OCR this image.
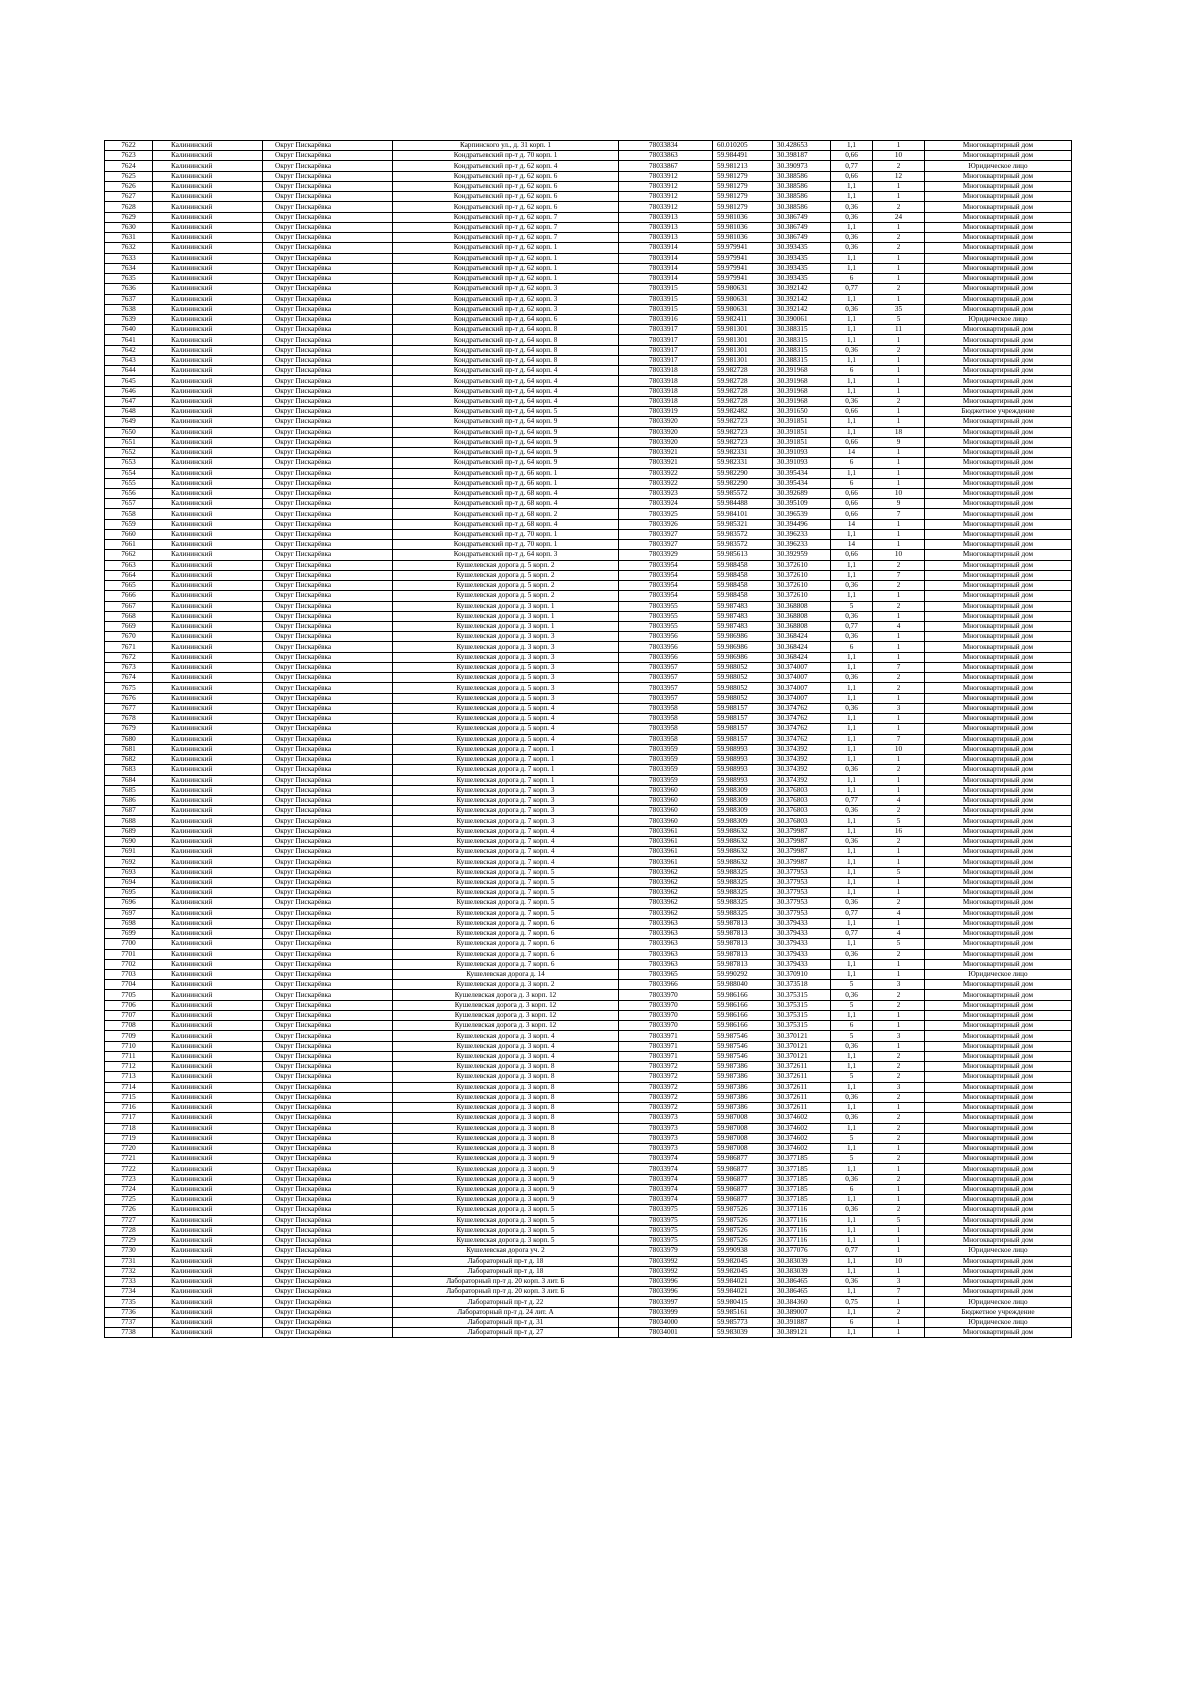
7622	Калининский	Округ Пискарёвка	Карпинского ул., д. 31 корп. 1	78033834	60.010205	30.428653	1,1	1	Многоквартирный дом
7623	Калининский	Округ Пискарёвка	Кондратьевский пр-т д. 70 корп. 1	78033863	59.984491	30.398187	0,66	10	Многоквартирный дом
7624	Калининский	Округ Пискарёвка	Кондратьевский пр-т д. 62 корп. 4	78033867	59.981213	30.390973	0,77	2	Юридическое лицо
7625	Калининский	Округ Пискарёвка	Кондратьевский пр-т д. 62 корп. 6	78033912	59.981279	30.388586	0,66	12	Многоквартирный дом
7626	Калининский	Округ Пискарёвка	Кондратьевский пр-т д. 62 корп. 6	78033912	59.981279	30.388586	1,1	1	Многоквартирный дом
7627	Калининский	Округ Пискарёвка	Кондратьевский пр-т д. 62 корп. 6	78033912	59.981279	30.388586	1,1	1	Многоквартирный дом
7628	Калининский	Округ Пискарёвка	Кондратьевский пр-т д. 62 корп. 6	78033912	59.981279	30.388586	0,36	2	Многоквартирный дом
7629	Калининский	Округ Пискарёвка	Кондратьевский пр-т д. 62 корп. 7	78033913	59.981036	30.386749	0,36	24	Многоквартирный дом
7630	Калининский	Округ Пискарёвка	Кондратьевский пр-т д. 62 корп. 7	78033913	59.981036	30.386749	1,1	1	Многоквартирный дом
7631	Калининский	Округ Пискарёвка	Кондратьевский пр-т д. 62 корп. 7	78033913	59.981036	30.386749	0,36	2	Многоквартирный дом
7632	Калининский	Округ Пискарёвка	Кондратьевский пр-т д. 62 корп. 1	78033914	59.979941	30.393435	0,36	2	Многоквартирный дом
7633	Калининский	Округ Пискарёвка	Кондратьевский пр-т д. 62 корп. 1	78033914	59.979941	30.393435	1,1	1	Многоквартирный дом
7634	Калининский	Округ Пискарёвка	Кондратьевский пр-т д. 62 корп. 1	78033914	59.979941	30.393435	1,1	1	Многоквартирный дом
7635	Калининский	Округ Пискарёвка	Кондратьевский пр-т д. 62 корп. 1	78033914	59.979941	30.393435	6	1	Многоквартирный дом
7636	Калининский	Округ Пискарёвка	Кондратьевский пр-т д. 62 корп. 3	78033915	59.980631	30.392142	0,77	2	Многоквартирный дом
7637	Калининский	Округ Пискарёвка	Кондратьевский пр-т д. 62 корп. 3	78033915	59.980631	30.392142	1,1	1	Многоквартирный дом
7638	Калининский	Округ Пискарёвка	Кондратьевский пр-т д. 62 корп. 3	78033915	59.980631	30.392142	0,36	35	Многоквартирный дом
7639	Калининский	Округ Пискарёвка	Кондратьевский пр-т д. 64 корп. 6	78033916	59.982411	30.390061	1,1	5	Юридическое лицо
7640	Калининский	Округ Пискарёвка	Кондратьевский пр-т д. 64 корп. 8	78033917	59.981301	30.388315	1,1	11	Многоквартирный дом
7641	Калининский	Округ Пискарёвка	Кондратьевский пр-т д. 64 корп. 8	78033917	59.981301	30.388315	1,1	1	Многоквартирный дом
7642	Калининский	Округ Пискарёвка	Кондратьевский пр-т д. 64 корп. 8	78033917	59.981301	30.388315	0,36	2	Многоквартирный дом
7643	Калининский	Округ Пискарёвка	Кондратьевский пр-т д. 64 корп. 8	78033917	59.981301	30.388315	1,1	1	Многоквартирный дом
7644	Калининский	Округ Пискарёвка	Кондратьевский пр-т д. 64 корп. 4	78033918	59.982728	30.391968	6	1	Многоквартирный дом
7645	Калининский	Округ Пискарёвка	Кондратьевский пр-т д. 64 корп. 4	78033918	59.982728	30.391968	1,1	1	Многоквартирный дом
7646	Калининский	Округ Пискарёвка	Кондратьевский пр-т д. 64 корп. 4	78033918	59.982728	30.391968	1,1	1	Многоквартирный дом
7647	Калининский	Округ Пискарёвка	Кондратьевский пр-т д. 64 корп. 4	78033918	59.982728	30.391968	0,36	2	Многоквартирный дом
7648	Калининский	Округ Пискарёвка	Кондратьевский пр-т д. 64 корп. 5	78033919	59.982482	30.391650	0,66	1	Бюджетное учреждение
7649	Калининский	Округ Пискарёвка	Кондратьевский пр-т д. 64 корп. 9	78033920	59.982723	30.391851	1,1	1	Многоквартирный дом
7650	Калининский	Округ Пискарёвка	Кондратьевский пр-т д. 64 корп. 9	78033920	59.982723	30.391851	1,1	18	Многоквартирный дом
7651	Калининский	Округ Пискарёвка	Кондратьевский пр-т д. 64 корп. 9	78033920	59.982723	30.391851	0,66	9	Многоквартирный дом
7652	Калининский	Округ Пискарёвка	Кондратьевский пр-т д. 64 корп. 9	78033921	59.982331	30.391093	14	1	Многоквартирный дом
7653	Калининский	Округ Пискарёвка	Кондратьевский пр-т д. 64 корп. 9	78033921	59.982331	30.391093	6	1	Многоквартирный дом
7654	Калининский	Округ Пискарёвка	Кондратьевский пр-т д. 66 корп. 1	78033922	59.982290	30.395434	1,1	1	Многоквартирный дом
7655	Калининский	Округ Пискарёвка	Кондратьевский пр-т д. 66 корп. 1	78033922	59.982290	30.395434	6	1	Многоквартирный дом
7656	Калининский	Округ Пискарёвка	Кондратьевский пр-т д. 68 корп. 4	78033923	59.985572	30.392689	0,66	10	Многоквартирный дом
7657	Калининский	Округ Пискарёвка	Кондратьевский пр-т д. 68 корп. 4	78033924	59.984488	30.395109	0,66	9	Многоквартирный дом
7658	Калининский	Округ Пискарёвка	Кондратьевский пр-т д. 68 корп. 2	78033925	59.984101	30.396539	0,66	7	Многоквартирный дом
7659	Калининский	Округ Пискарёвка	Кондратьевский пр-т д. 68 корп. 4	78033926	59.985321	30.394496	14	1	Многоквартирный дом
7660	Калининский	Округ Пискарёвка	Кондратьевский пр-т д. 70 корп. 1	78033927	59.983572	30.396233	1,1	1	Многоквартирный дом
7661	Калининский	Округ Пискарёвка	Кондратьевский пр-т д. 70 корп. 1	78033927	59.983572	30.396233	14	1	Многоквартирный дом
7662	Калининский	Округ Пискарёвка	Кондратьевский пр-т д. 64 корп. 3	78033929	59.985613	30.392959	0,66	10	Многоквартирный дом
7663	Калининский	Округ Пискарёвка	Кушелевская дорога д. 5 корп. 2	78033954	59.988458	30.372610	1,1	2	Многоквартирный дом
7664	Калининский	Округ Пискарёвка	Кушелевская дорога д. 5 корп. 2	78033954	59.988458	30.372610	1,1	7	Многоквартирный дом
7665	Калининский	Округ Пискарёвка	Кушелевская дорога д. 5 корп. 2	78033954	59.988458	30.372610	0,36	2	Многоквартирный дом
7666	Калининский	Округ Пискарёвка	Кушелевская дорога д. 5 корп. 2	78033954	59.988458	30.372610	1,1	1	Многоквартирный дом
7667	Калининский	Округ Пискарёвка	Кушелевская дорога д. 3 корп. 1	78033955	59.987483	30.368808	5	2	Многоквартирный дом
7668	Калининский	Округ Пискарёвка	Кушелевская дорога д. 3 корп. 1	78033955	59.987483	30.368808	0,36	1	Многоквартирный дом
7669	Калининский	Округ Пискарёвка	Кушелевская дорога д. 3 корп. 1	78033955	59.987483	30.368808	0,77	4	Многоквартирный дом
7670	Калининский	Округ Пискарёвка	Кушелевская дорога д. 3 корп. 3	78033956	59.986986	30.368424	0,36	1	Многоквартирный дом
7671	Калининский	Округ Пискарёвка	Кушелевская дорога д. 3 корп. 3	78033956	59.986986	30.368424	6	1	Многоквартирный дом
7672	Калининский	Округ Пискарёвка	Кушелевская дорога д. 3 корп. 3	78033956	59.986986	30.368424	1,1	1	Многоквартирный дом
7673	Калининский	Округ Пискарёвка	Кушелевская дорога д. 5 корп. 3	78033957	59.988052	30.374007	1,1	7	Многоквартирный дом
7674	Калининский	Округ Пискарёвка	Кушелевская дорога д. 5 корп. 3	78033957	59.988052	30.374007	0,36	2	Многоквартирный дом
7675	Калининский	Округ Пискарёвка	Кушелевская дорога д. 5 корп. 3	78033957	59.988052	30.374007	1,1	2	Многоквартирный дом
7676	Калининский	Округ Пискарёвка	Кушелевская дорога д. 5 корп. 3	78033957	59.988052	30.374007	1,1	1	Многоквартирный дом
7677	Калининский	Округ Пискарёвка	Кушелевская дорога д. 5 корп. 4	78033958	59.988157	30.374762	0,36	3	Многоквартирный дом
7678	Калининский	Округ Пискарёвка	Кушелевская дорога д. 5 корп. 4	78033958	59.988157	30.374762	1,1	1	Многоквартирный дом
7679	Калининский	Округ Пискарёвка	Кушелевская дорога д. 5 корп. 4	78033958	59.988157	30.374762	1,1	1	Многоквартирный дом
7680	Калининский	Округ Пискарёвка	Кушелевская дорога д. 5 корп. 4	78033958	59.988157	30.374762	1,1	7	Многоквартирный дом
7681	Калининский	Округ Пискарёвка	Кушелевская дорога д. 7 корп. 1	78033959	59.988993	30.374392	1,1	10	Многоквартирный дом
7682	Калининский	Округ Пискарёвка	Кушелевская дорога д. 7 корп. 1	78033959	59.988993	30.374392	1,1	1	Многоквартирный дом
7683	Калининский	Округ Пискарёвка	Кушелевская дорога д. 7 корп. 1	78033959	59.988993	30.374392	0,36	2	Многоквартирный дом
7684	Калининский	Округ Пискарёвка	Кушелевская дорога д. 7 корп. 1	78033959	59.988993	30.374392	1,1	1	Многоквартирный дом
7685	Калининский	Округ Пискарёвка	Кушелевская дорога д. 7 корп. 3	78033960	59.988309	30.376803	1,1	1	Многоквартирный дом
7686	Калининский	Округ Пискарёвка	Кушелевская дорога д. 7 корп. 3	78033960	59.988309	30.376803	0,77	4	Многоквартирный дом
7687	Калининский	Округ Пискарёвка	Кушелевская дорога д. 7 корп. 3	78033960	59.988309	30.376803	0,36	2	Многоквартирный дом
7688	Калининский	Округ Пискарёвка	Кушелевская дорога д. 7 корп. 3	78033960	59.988309	30.376803	1,1	5	Многоквартирный дом
7689	Калининский	Округ Пискарёвка	Кушелевская дорога д. 7 корп. 4	78033961	59.988632	30.379987	1,1	16	Многоквартирный дом
7690	Калининский	Округ Пискарёвка	Кушелевская дорога д. 7 корп. 4	78033961	59.988632	30.379987	0,36	2	Многоквартирный дом
7691	Калининский	Округ Пискарёвка	Кушелевская дорога д. 7 корп. 4	78033961	59.988632	30.379987	1,1	1	Многоквартирный дом
7692	Калининский	Округ Пискарёвка	Кушелевская дорога д. 7 корп. 4	78033961	59.988632	30.379987	1,1	1	Многоквартирный дом
7693	Калининский	Округ Пискарёвка	Кушелевская дорога д. 7 корп. 5	78033962	59.988325	30.377953	1,1	5	Многоквартирный дом
7694	Калининский	Округ Пискарёвка	Кушелевская дорога д. 7 корп. 5	78033962	59.988325	30.377953	1,1	1	Многоквартирный дом
7695	Калининский	Округ Пискарёвка	Кушелевская дорога д. 7 корп. 5	78033962	59.988325	30.377953	1,1	1	Многоквартирный дом
7696	Калининский	Округ Пискарёвка	Кушелевская дорога д. 7 корп. 5	78033962	59.988325	30.377953	0,36	2	Многоквартирный дом
7697	Калининский	Округ Пискарёвка	Кушелевская дорога д. 7 корп. 5	78033962	59.988325	30.377953	0,77	4	Многоквартирный дом
7698	Калининский	Округ Пискарёвка	Кушелевская дорога д. 7 корп. 6	78033963	59.987813	30.379433	1,1	1	Многоквартирный дом
7699	Калининский	Округ Пискарёвка	Кушелевская дорога д. 7 корп. 6	78033963	59.987813	30.379433	0,77	4	Многоквартирный дом
7700	Калининский	Округ Пискарёвка	Кушелевская дорога д. 7 корп. 6	78033963	59.987813	30.379433	1,1	5	Многоквартирный дом
7701	Калининский	Округ Пискарёвка	Кушелевская дорога д. 7 корп. 6	78033963	59.987813	30.379433	0,36	2	Многоквартирный дом
7702	Калининский	Округ Пискарёвка	Кушелевская дорога д. 7 корп. 6	78033963	59.987813	30.379433	1,1	1	Многоквартирный дом
7703	Калининский	Округ Пискарёвка	Кушелевская дорога д. 14	78033965	59.990292	30.370910	1,1	1	Юридическое лицо
7704	Калининский	Округ Пискарёвка	Кушелевская дорога д. 3 корп. 2	78033966	59.988040	30.373518	5	3	Многоквартирный дом
7705	Калининский	Округ Пискарёвка	Кушелевская дорога д. 3 корп. 12	78033970	59.986166	30.375315	0,36	2	Многоквартирный дом
7706	Калининский	Округ Пискарёвка	Кушелевская дорога д. 3 корп. 12	78033970	59.986166	30.375315	5	2	Многоквартирный дом
7707	Калининский	Округ Пискарёвка	Кушелевская дорога д. 3 корп. 12	78033970	59.986166	30.375315	1,1	1	Многоквартирный дом
7708	Калининский	Округ Пискарёвка	Кушелевская дорога д. 3 корп. 12	78033970	59.986166	30.375315	6	1	Многоквартирный дом
7709	Калининский	Округ Пискарёвка	Кушелевская дорога д. 3 корп. 4	78033971	59.987546	30.370121	5	3	Многоквартирный дом
7710	Калининский	Округ Пискарёвка	Кушелевская дорога д. 3 корп. 4	78033971	59.987546	30.370121	0,36	1	Многоквартирный дом
7711	Калининский	Округ Пискарёвка	Кушелевская дорога д. 3 корп. 4	78033971	59.987546	30.370121	1,1	2	Многоквартирный дом
7712	Калининский	Округ Пискарёвка	Кушелевская дорога д. 3 корп. 8	78033972	59.987386	30.372611	1,1	2	Многоквартирный дом
7713	Калининский	Округ Пискарёвка	Кушелевская дорога д. 3 корп. 8	78033972	59.987386	30.372611	5	2	Многоквартирный дом
7714	Калининский	Округ Пискарёвка	Кушелевская дорога д. 3 корп. 8	78033972	59.987386	30.372611	1,1	3	Многоквартирный дом
7715	Калининский	Округ Пискарёвка	Кушелевская дорога д. 3 корп. 8	78033972	59.987386	30.372611	0,36	2	Многоквартирный дом
7716	Калининский	Округ Пискарёвка	Кушелевская дорога д. 3 корп. 8	78033972	59.987386	30.372611	1,1	1	Многоквартирный дом
7717	Калининский	Округ Пискарёвка	Кушелевская дорога д. 3 корп. 8	78033973	59.987008	30.374602	0,36	2	Многоквартирный дом
7718	Калининский	Округ Пискарёвка	Кушелевская дорога д. 3 корп. 8	78033973	59.987008	30.374602	1,1	2	Многоквартирный дом
7719	Калининский	Округ Пискарёвка	Кушелевская дорога д. 3 корп. 8	78033973	59.987008	30.374602	5	2	Многоквартирный дом
7720	Калининский	Округ Пискарёвка	Кушелевская дорога д. 3 корп. 8	78033973	59.987008	30.374602	1,1	1	Многоквартирный дом
7721	Калининский	Округ Пискарёвка	Кушелевская дорога д. 3 корп. 9	78033974	59.986877	30.377185	5	2	Многоквартирный дом
7722	Калининский	Округ Пискарёвка	Кушелевская дорога д. 3 корп. 9	78033974	59.986877	30.377185	1,1	1	Многоквартирный дом
7723	Калининский	Округ Пискарёвка	Кушелевская дорога д. 3 корп. 9	78033974	59.986877	30.377185	0,36	2	Многоквартирный дом
7724	Калининский	Округ Пискарёвка	Кушелевская дорога д. 3 корп. 9	78033974	59.986877	30.377185	6	1	Многоквартирный дом
7725	Калининский	Округ Пискарёвка	Кушелевская дорога д. 3 корп. 9	78033974	59.986877	30.377185	1,1	1	Многоквартирный дом
7726	Калининский	Округ Пискарёвка	Кушелевская дорога д. 3 корп. 5	78033975	59.987526	30.377116	0,36	2	Многоквартирный дом
7727	Калининский	Округ Пискарёвка	Кушелевская дорога д. 3 корп. 5	78033975	59.987526	30.377116	1,1	5	Многоквартирный дом
7728	Калининский	Округ Пискарёвка	Кушелевская дорога д. 3 корп. 5	78033975	59.987526	30.377116	1,1	1	Многоквартирный дом
7729	Калининский	Округ Пискарёвка	Кушелевская дорога д. 3 корп. 5	78033975	59.987526	30.377116	1,1	1	Многоквартирный дом
7730	Калининский	Округ Пискарёвка	Кушелевская дорога уч. 2	78033979	59.990938	30.377076	0,77	1	Юридическое лицо
7731	Калининский	Округ Пискарёвка	Лабораторный пр-т д. 18	78033992	59.982045	30.383039	1,1	10	Многоквартирный дом
7732	Калининский	Округ Пискарёвка	Лабораторный пр-т д. 18	78033992	59.982045	30.383039	1,1	1	Многоквартирный дом
7733	Калининский	Округ Пискарёвка	Лабораторный пр-т д. 20 корп. 3 лит. Б	78033996	59.984021	30.386465	0,36	3	Многоквартирный дом
7734	Калининский	Округ Пискарёвка	Лабораторный пр-т д. 20 корп. 3 лит. Б	78033996	59.984021	30.386465	1,1	7	Многоквартирный дом
7735	Калининский	Округ Пискарёвка	Лабораторный пр-т д. 22	78033997	59.980415	30.384360	0,75	1	Юридическое лицо
7736	Калининский	Округ Пискарёвка	Лабораторный пр-т д. 24 лит. А	78033999	59.985161	30.389007	1,1	2	Бюджетное учреждение
7737	Калининский	Округ Пискарёвка	Лабораторный пр-т д. 31	78034000	59.985773	30.391887	6	1	Юридическое лицо
7738	Калининский	Округ Пискарёвка	Лабораторный пр-т д. 27	78034001	59.983039	30.389121	1,1	1	Многоквартирный дом
